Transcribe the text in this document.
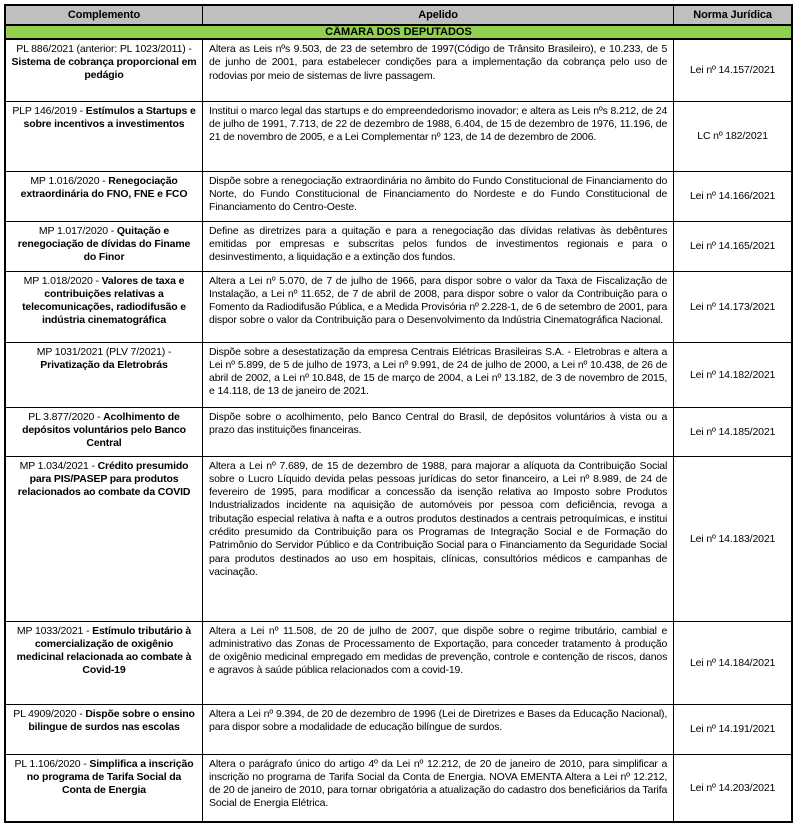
Complemento	Apelido	Norma Jurídica
CÂMARA DOS DEPUTADOS		
PL 886/2021 (anterior: PL 1023/2011) - Sistema de cobrança proporcional em pedágio	Altera as Leis nºs 9.503, de 23 de setembro de 1997(Código de Trânsito Brasileiro), e 10.233, de 5 de junho de 2001, para estabelecer condições para a implementação da cobrança pelo uso de rodovias por meio de sistemas de livre passagem.	Lei nº 14.157/2021
PLP 146/2019 - Estímulos a Startups e sobre incentivos a investimentos	Institui o marco legal das startups e do empreendedorismo inovador; e altera as Leis nºs 8.212, de 24 de julho de 1991, 7.713, de 22 de dezembro de 1988, 6.404, de 15 de dezembro de 1976, 11.196, de 21 de novembro de 2005, e a Lei Complementar nº 123, de 14 de dezembro de 2006.	LC nº 182/2021
MP 1.016/2020 - Renegociação extraordinária do FNO, FNE e FCO	Dispõe sobre a renegociação extraordinária no âmbito do Fundo Constitucional de Financiamento do Norte, do Fundo Constitucional de Financiamento do Nordeste e do Fundo Constitucional de Financiamento do Centro-Oeste.	Lei nº 14.166/2021
MP 1.017/2020 - Quitação e renegociação de dívidas do Finame do Finor	Define as diretrizes para a quitação e para a renegociação das dívidas relativas às debêntures emitidas por empresas e subscritas pelos fundos de investimentos regionais e para o desinvestimento, a liquidação e a extinção dos fundos.	Lei nº 14.165/2021
MP 1.018/2020 - Valores de taxa e contribuições relativas a telecomunicações, radiodifusão e indústria cinematográfica	Altera a Lei nº 5.070, de 7 de julho de 1966, para dispor sobre o valor da Taxa de Fiscalização de Instalação, a Lei nº 11.652, de 7 de abril de 2008, para dispor sobre o valor da Contribuição para o Fomento da Radiodifusão Pública, e a Medida Provisória nº 2.228-1, de 6 de setembro de 2001, para dispor sobre o valor da Contribuição para o Desenvolvimento da Indústria Cinematográfica Nacional.	Lei nº 14.173/2021
MP 1031/2021 (PLV 7/2021) - Privatização da Eletrobrás	Dispõe sobre a desestatização da empresa Centrais Elétricas Brasileiras S.A. - Eletrobras e altera a Lei nº 5.899, de 5 de julho de 1973, a Lei nº 9.991, de 24 de julho de 2000, a Lei nº 10.438, de 26 de abril de 2002, a Lei nº 10.848, de 15 de março de 2004, a Lei nº 13.182, de 3 de novembro de 2015, e 14.118, de 13 de janeiro de 2021.	Lei nº 14.182/2021
PL 3.877/2020 - Acolhimento de depósitos voluntários pelo Banco Central	Dispõe sobre o acolhimento, pelo Banco Central do Brasil, de depósitos voluntários à vista ou a prazo das instituições financeiras.	Lei nº 14.185/2021
MP 1.034/2021 - Crédito presumido para PIS/PASEP para produtos relacionados ao combate da COVID	Altera a Lei nº 7.689, de 15 de dezembro de 1988, para majorar a alíquota da Contribuição Social sobre o Lucro Líquido devida pelas pessoas jurídicas do setor financeiro, a Lei nº 8.989, de 24 de fevereiro de 1995, para modificar a concessão da isenção relativa ao Imposto sobre Produtos Industrializados incidente na aquisição de automóveis por pessoa com deficiência, revoga a tributação especial relativa à nafta e a outros produtos destinados a centrais petroquímicas, e institui crédito presumido da Contribuição para os Programas de Integração Social e de Formação do Patrimônio do Servidor Público e da Contribuição Social para o Financiamento da Seguridade Social para produtos destinados ao uso em hospitais, clínicas, consultórios médicos e campanhas de vacinação.	Lei nº 14.183/2021
MP 1033/2021 - Estímulo tributário à comercialização de oxigênio medicinal relacionada ao combate à Covid-19	Altera a Lei nº 11.508, de 20 de julho de 2007, que dispõe sobre o regime tributário, cambial e administrativo das Zonas de Processamento de Exportação, para conceder tratamento à produção de oxigênio medicinal empregado em medidas de prevenção, controle e contenção de riscos, danos e agravos à saúde pública relacionados com a covid-19.	Lei nº 14.184/2021
PL 4909/2020 - Dispõe sobre o ensino bilingue de surdos nas escolas	Altera a Lei nº 9.394, de 20 de dezembro de 1996 (Lei de Diretrizes e Bases da Educação Nacional), para dispor sobre a modalidade de educação bilíngue de surdos.	Lei nº 14.191/2021
PL 1.106/2020 - Simplifica a inscrição no programa de Tarifa Social da Conta de Energia	Altera o parágrafo único do artigo 4º da Lei nº 12.212, de 20 de janeiro de 2010, para simplificar a inscrição no programa de Tarifa Social da Conta de Energia. NOVA EMENTA Altera a Lei nº 12.212, de 20 de janeiro de 2010, para tornar obrigatória a atualização do cadastro dos beneficiários da Tarifa Social de Energia Elétrica.	Lei nº 14.203/2021
